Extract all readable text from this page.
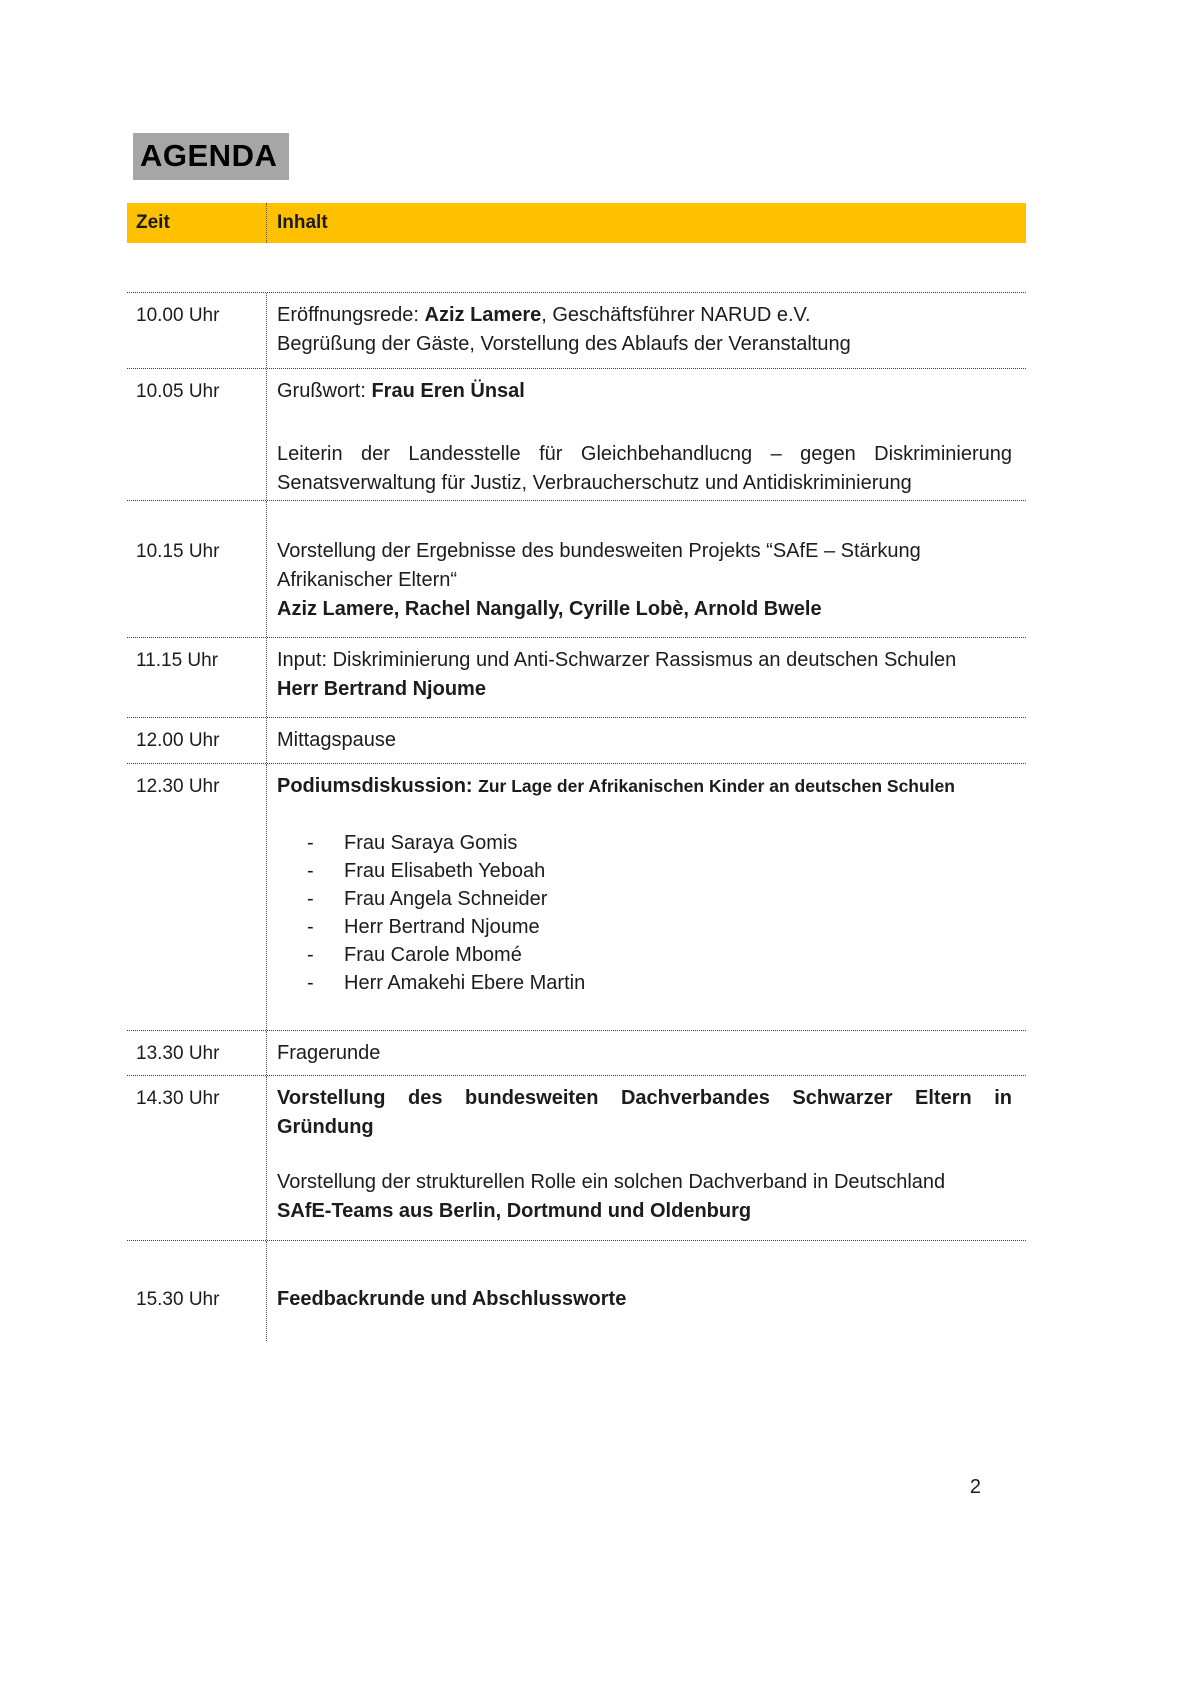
AGENDA
Zeit	Inhalt
10.00 Uhr	Eröffnungsrede: Aziz Lamere, Geschäftsführer NARUD e.V.

Begrüßung der Gäste, Vorstellung des Ablaufs der Veranstaltung

10.05 Uhr	Grußwort: Frau Eren Ünsal

Leiterin der Landesstelle für Gleichbehandlucng – gegen Diskriminierung Senatsverwaltung für Justiz, Verbraucherschutz und Antidiskriminierung

10.15 Uhr	Vorstellung der Ergebnisse des bundesweiten Projekts “SAfE – Stärkung Afrikanischer Eltern“

Aziz Lamere, Rachel Nangally, Cyrille Lobè, Arnold Bwele

11.15 Uhr	Input: Diskriminierung und Anti-Schwarzer Rassismus an deutschen Schulen

Herr Bertrand Njoume

12.00 Uhr	Mittagspause

12.30 Uhr	Podiumsdiskussion: Zur Lage der Afrikanischen Kinder an deutschen Schulen

-	Frau Saraya Gomis
-	Frau Elisabeth Yeboah
-	Frau Angela Schneider
-	Herr Bertrand Njoume
-	Frau Carole Mbomé
-	Herr Amakehi Ebere Martin
13.30 Uhr	Fragerunde

14.30 Uhr	Vorstellung des bundesweiten Dachverbandes Schwarzer Eltern in Gründung

Vorstellung der strukturellen Rolle ein solchen Dachverband in Deutschland

SAfE-Teams aus Berlin, Dortmund und Oldenburg

15.30 Uhr	Feedbackrunde und Abschlussworte

2
